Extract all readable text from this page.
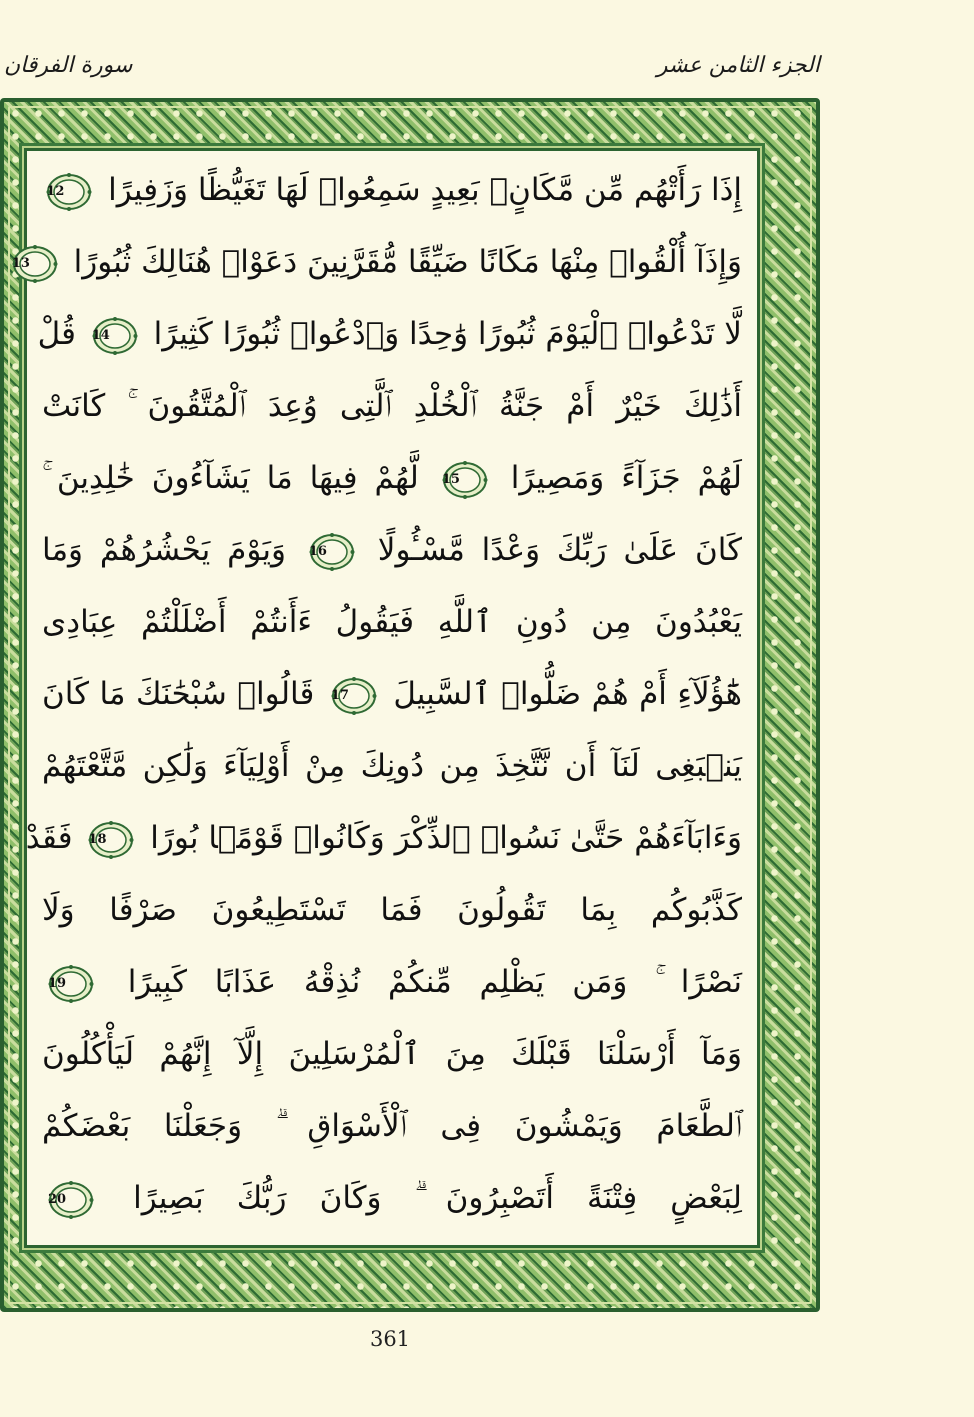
الجزء الثامن عشر
سورة الفرقان
إِذَا رَأَتْهُم مِّن مَّكَانٍۭ بَعِيدٍ سَمِعُوا۟ لَهَا تَغَيُّظًا وَزَفِيرًا
12
وَإِذَآ أُلْقُوا۟ مِنْهَا مَكَانًا ضَيِّقًا مُّقَرَّنِينَ دَعَوْا۟ هُنَالِكَ ثُبُورًا
13
لَّا تَدْعُوا۟ ٱلْيَوْمَ ثُبُورًا وَٰحِدًا وَٱدْعُوا۟ ثُبُورًا كَثِيرًا
14
قُلْ
أَذَٰلِكَ خَيْرٌ أَمْ جَنَّةُ ٱلْخُلْدِ ٱلَّتِى وُعِدَ ٱلْمُتَّقُونَ ۚ كَانَتْ
لَهُمْ جَزَآءً وَمَصِيرًا
15
لَّهُمْ فِيهَا مَا يَشَآءُونَ خَٰلِدِينَ ۚ
كَانَ عَلَىٰ رَبِّكَ وَعْدًا مَّسْـُٔولًا
16
وَيَوْمَ يَحْشُرُهُمْ وَمَا
يَعْبُدُونَ مِن دُونِ ٱللَّهِ فَيَقُولُ ءَأَنتُمْ أَضْلَلْتُمْ عِبَادِى
هَٰٓؤُلَآءِ أَمْ هُمْ ضَلُّوا۟ ٱلسَّبِيلَ
17
قَالُوا۟ سُبْحَٰنَكَ مَا كَانَ
يَنۢبَغِى لَنَآ أَن نَّتَّخِذَ مِن دُونِكَ مِنْ أَوْلِيَآءَ وَلَٰكِن مَّتَّعْتَهُمْ
وَءَابَآءَهُمْ حَتَّىٰ نَسُوا۟ ٱلذِّكْرَ وَكَانُوا۟ قَوْمًۢا بُورًا
18
فَقَدْ
كَذَّبُوكُم بِمَا تَقُولُونَ فَمَا تَسْتَطِيعُونَ صَرْفًا وَلَا
نَصْرًا ۚ وَمَن يَظْلِم مِّنكُمْ نُذِقْهُ عَذَابًا كَبِيرًا
19
وَمَآ أَرْسَلْنَا قَبْلَكَ مِنَ ٱلْمُرْسَلِينَ إِلَّآ إِنَّهُمْ لَيَأْكُلُونَ
ٱلطَّعَامَ وَيَمْشُونَ فِى ٱلْأَسْوَاقِ ۗ وَجَعَلْنَا بَعْضَكُمْ
لِبَعْضٍ فِتْنَةً أَتَصْبِرُونَ ۗ وَكَانَ رَبُّكَ بَصِيرًا
20
361
